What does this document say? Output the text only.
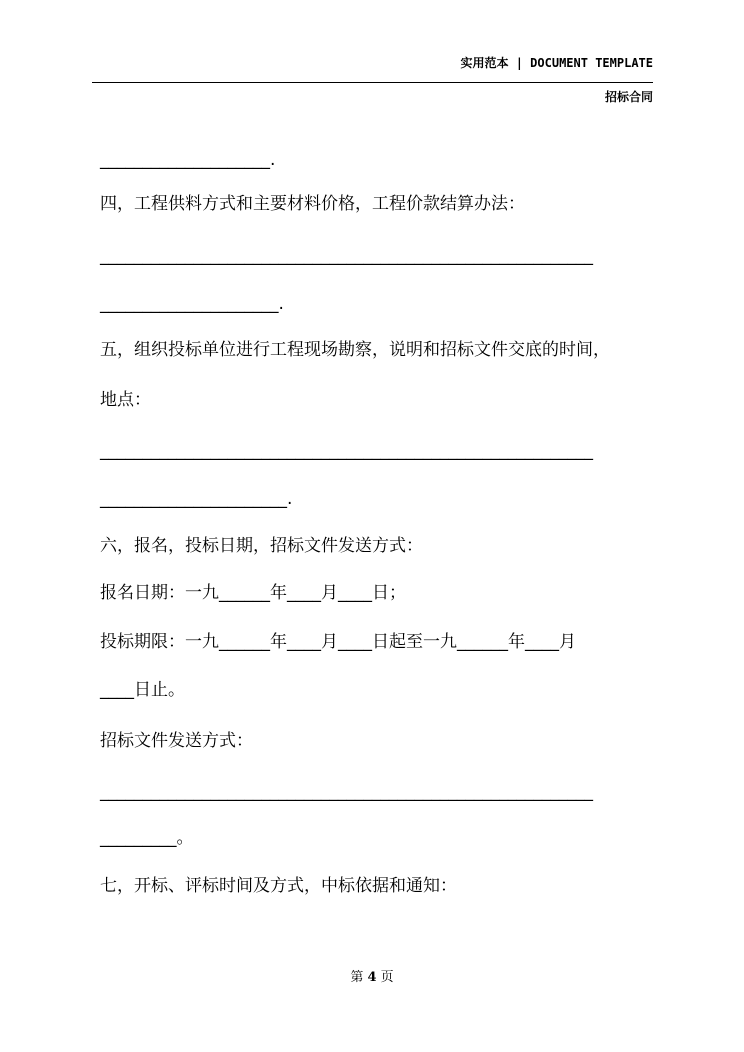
实用范本 | DOCUMENT TEMPLATE
招标合同
____________________.
四，工程供料方式和主要材料价格，工程价款结算办法：
__________________________________________________________
_____________________.
五，组织投标单位进行工程现场勘察，说明和招标文件交底的时间，
地点：
__________________________________________________________
______________________.
六，报名，投标日期，招标文件发送方式：
报名日期：一九______年____月____日；
投标期限：一九______年____月____日起至一九______年____月
____日止。
招标文件发送方式：
__________________________________________________________
_________。
七，开标、评标时间及方式，中标依据和通知：
第 4 页
